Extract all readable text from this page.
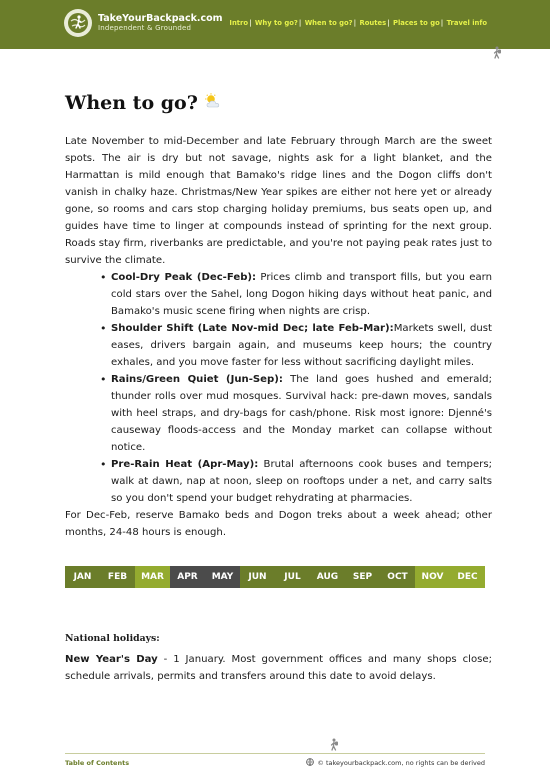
TakeYourBackpack.com
Independent & Grounded
Intro| Why to go?| When to go?| Routes| Places to go| Travel info
When to go?

Late November to mid-December and late February through March are the sweet spots. The air is dry but not savage, nights ask for a light blanket, and the Harmattan is mild enough that Bamako's ridge lines and the Dogon cliffs don't vanish in chalky haze. Christmas/New Year spikes are either not here yet or already gone, so rooms and cars stop charging holiday premiums, bus seats open up, and guides have time to linger at compounds instead of sprinting for the next group. Roads stay firm, riverbanks are predictable, and you're not paying peak rates just to survive the climate.

• Cool-Dry Peak (Dec-Feb): Prices climb and transport fills, but you earn cold stars over the Sahel, long Dogon hiking days without heat panic, and Bamako's music scene firing when nights are crisp.
• Shoulder Shift (Late Nov-mid Dec; late Feb-Mar):Markets swell, dust eases, drivers bargain again, and museums keep hours; the country exhales, and you move faster for less without sacrificing daylight miles.
• Rains/Green Quiet (Jun-Sep): The land goes hushed and emerald; thunder rolls over mud mosques. Survival hack: pre-dawn moves, sandals with heel straps, and dry-bags for cash/phone. Risk most ignore: Djenné's causeway floods-access and the Monday market can collapse without notice.
• Pre-Rain Heat (Apr-May): Brutal afternoons cook buses and tempers; walk at dawn, nap at noon, sleep on rooftops under a net, and carry salts so you don't spend your budget rehydrating at pharmacies.

For Dec-Feb, reserve Bamako beds and Dogon treks about a week ahead; other months, 24-48 hours is enough.

JAN	FEB	MAR	APR	MAY	JUN	JUL	AUG	SEP	OCT	NOV	DEC
National holidays:
New Year's Day - 1 January. Most government offices and many shops close; schedule arrivals, permits and transfers around this date to avoid delays.
Table of Contents	© takeyourbackpack.com, no rights can be derived
